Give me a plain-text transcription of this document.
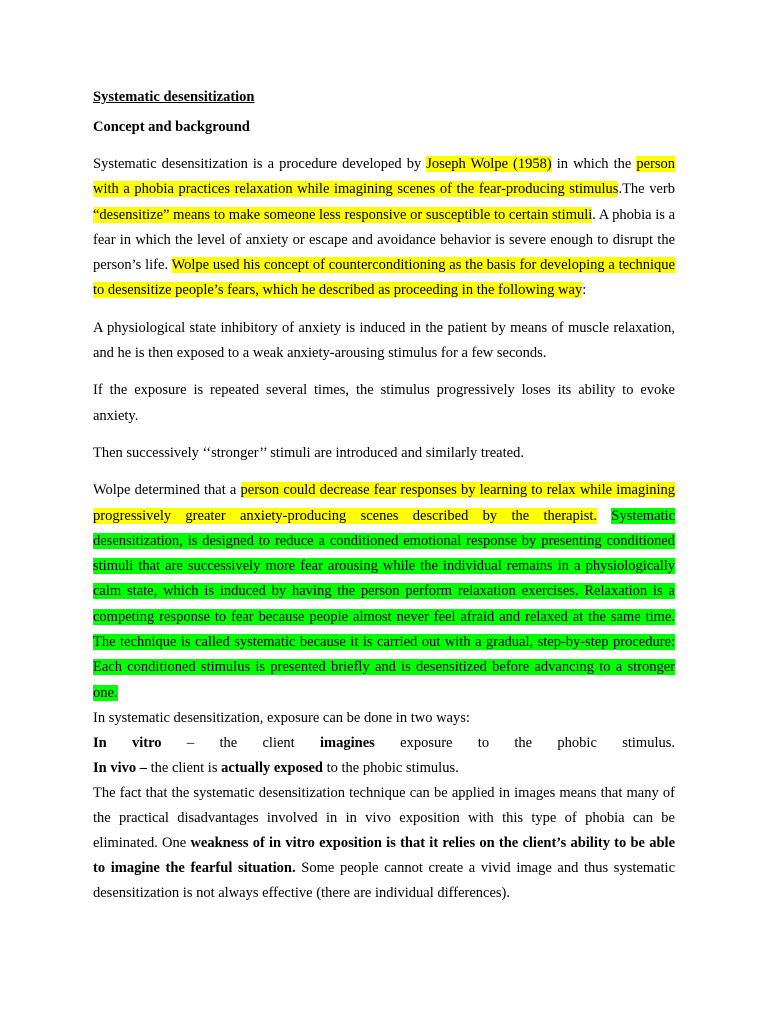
Systematic desensitization
Concept and background

Systematic desensitization is a procedure developed by Joseph Wolpe (1958) in which the person with a phobia practices relaxation while imagining scenes of the fear-producing stimulus.The verb “desensitize” means to make someone less responsive or susceptible to certain stimuli. A phobia is a fear in which the level of anxiety or escape and avoidance behavior is severe enough to disrupt the person’s life. Wolpe used his concept of counterconditioning as the basis for developing a technique to desensitize people’s fears, which he described as proceeding in the following way:

A physiological state inhibitory of anxiety is induced in the patient by means of muscle relaxation, and he is then exposed to a weak anxiety-arousing stimulus for a few seconds.

If the exposure is repeated several times, the stimulus progressively loses its ability to evoke anxiety.

Then successively ‘‘stronger’’ stimuli are introduced and similarly treated.

Wolpe determined that a person could decrease fear responses by learning to relax while imagining progressively greater anxiety-producing scenes described by the therapist. Systematic desensitization, is designed to reduce a conditioned emotional response by presenting conditioned stimuli that are successively more fear arousing while the individual remains in a physiologically calm state, which is induced by having the person perform relaxation exercises. Relaxation is a competing response to fear because people almost never feel afraid and relaxed at the same time. The technique is called systematic because it is carried out with a gradual, step-by-step procedure: Each conditioned stimulus is presented briefly and is desensitized before advancing to a stronger one.

In systematic desensitization, exposure can be done in two ways:

In vitro – the client imagines exposure to the phobic stimulus.

In vivo – the client is actually exposed to the phobic stimulus.

The fact that the systematic desensitization technique can be applied in images means that many of the practical disadvantages involved in in vivo exposition with this type of phobia can be eliminated. One weakness of in vitro exposition is that it relies on the client’s ability to be able to imagine the fearful situation. Some people cannot create a vivid image and thus systematic desensitization is not always effective (there are individual differences).
